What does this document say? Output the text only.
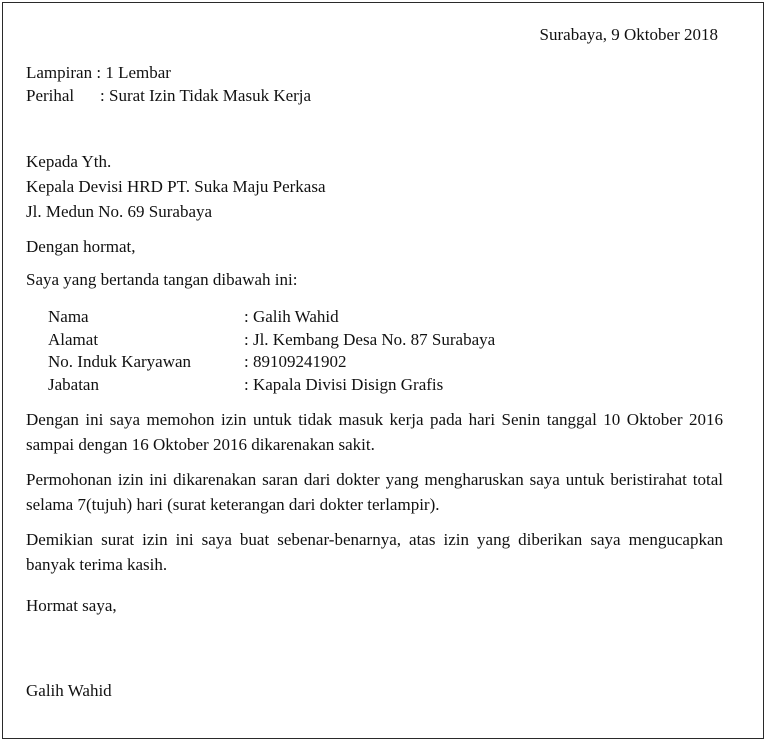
Surabaya, 9 Oktober 2018
Lampiran : 1 Lembar
Perihal : Surat Izin Tidak Masuk Kerja
Kepada Yth.
Kepala Devisi HRD PT. Suka Maju Perkasa
Jl. Medun No. 69 Surabaya
Dengan hormat,
Saya yang bertanda tangan dibawah ini:
Nama	: Galih Wahid
Alamat	: Jl. Kembang Desa No. 87 Surabaya
No. Induk Karyawan	: 89109241902
Jabatan	: Kapala Divisi Disign Grafis
Dengan ini saya memohon izin untuk tidak masuk kerja pada hari Senin tanggal 10 Oktober 2016 sampai dengan 16 Oktober 2016 dikarenakan sakit.
Permohonan izin ini dikarenakan saran dari dokter yang mengharuskan saya untuk beristirahat total selama 7(tujuh) hari (surat keterangan dari dokter terlampir).
Demikian surat izin ini saya buat sebenar-benarnya, atas izin yang diberikan saya mengucapkan banyak terima kasih.
Hormat saya,
Galih Wahid
